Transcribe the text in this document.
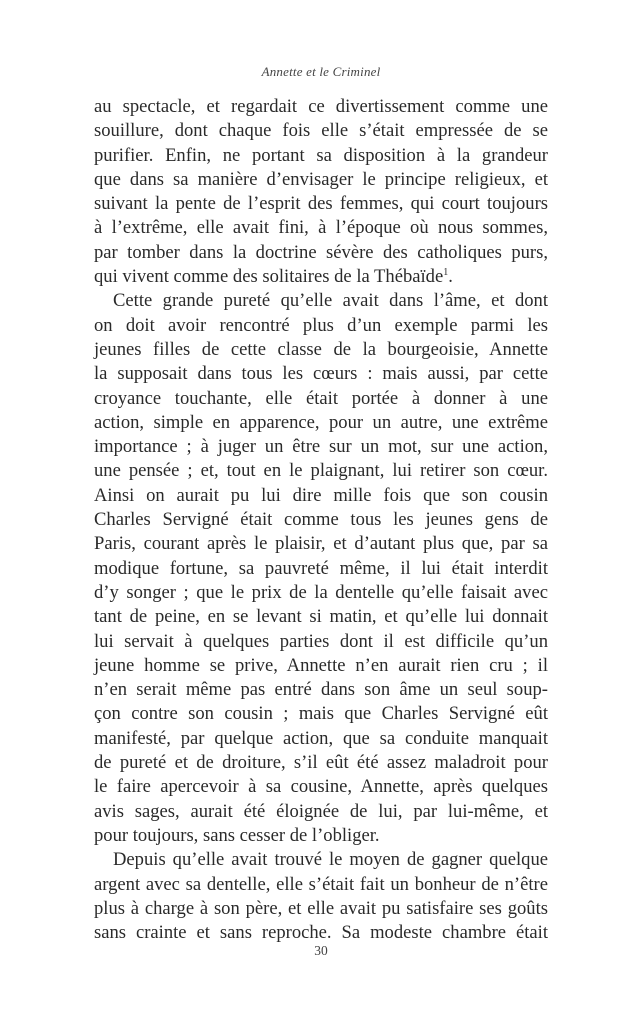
Annette et le Criminel
au spectacle, et regardait ce divertissement comme une
souillure, dont chaque fois elle s’était empressée de se
purifier. Enfin, ne portant sa disposition à la grandeur
que dans sa manière d’envisager le principe religieux, et
suivant la pente de l’esprit des femmes, qui court toujours
à l’extrême, elle avait fini, à l’époque où nous sommes,
par tomber dans la doctrine sévère des catholiques purs,
qui vivent comme des solitaires de la Thébaïde$^1$.
Cette grande pureté qu’elle avait dans l’âme, et dont
on doit avoir rencontré plus d’un exemple parmi les
jeunes filles de cette classe de la bourgeoisie, Annette
la supposait dans tous les cœurs : mais aussi, par cette
croyance touchante, elle était portée à donner à une
action, simple en apparence, pour un autre, une extrême
importance ; à juger un être sur un mot, sur une action,
une pensée ; et, tout en le plaignant, lui retirer son cœur.
Ainsi on aurait pu lui dire mille fois que son cousin
Charles Servigné était comme tous les jeunes gens de
Paris, courant après le plaisir, et d’autant plus que, par sa
modique fortune, sa pauvreté même, il lui était interdit
d’y songer ; que le prix de la dentelle qu’elle faisait avec
tant de peine, en se levant si matin, et qu’elle lui donnait
lui servait à quelques parties dont il est difficile qu’un
jeune homme se prive, Annette n’en aurait rien cru ; il
n’en serait même pas entré dans son âme un seul soup-
çon contre son cousin ; mais que Charles Servigné eût
manifesté, par quelque action, que sa conduite manquait
de pureté et de droiture, s’il eût été assez maladroit pour
le faire apercevoir à sa cousine, Annette, après quelques
avis sages, aurait été éloignée de lui, par lui-même, et
pour toujours, sans cesser de l’obliger.
Depuis qu’elle avait trouvé le moyen de gagner quelque
argent avec sa dentelle, elle s’était fait un bonheur de n’être
plus à charge à son père, et elle avait pu satisfaire ses goûts
sans crainte et sans reproche. Sa modeste chambre était
30
